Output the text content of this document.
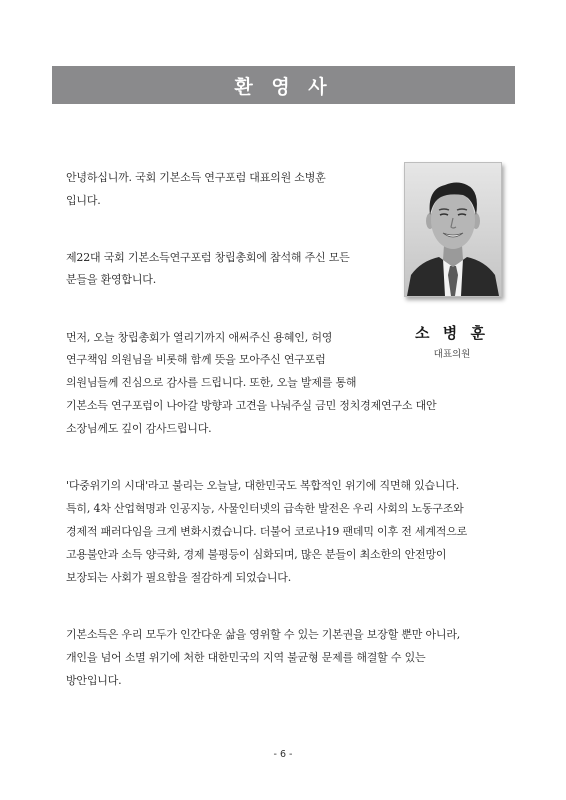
환 영 사
소 병 훈
대표의원
안녕하십니까. 국회 기본소득 연구포럼 대표의원 소병훈
입니다.
제22대 국회 기본소득연구포럼 창립총회에 참석해 주신 모든
분들을 환영합니다.
먼저, 오늘 창립총회가 열리기까지 애써주신 용혜인, 허영
연구책임 의원님을 비롯해 함께 뜻을 모아주신 연구포럼
의원님들께 진심으로 감사를 드립니다. 또한, 오늘 발제를 통해
기본소득 연구포럼이 나아갈 방향과 고견을 나눠주실 금민 정치경제연구소 대안
소장님께도 깊이 감사드립니다.
'다중위기의 시대'라고 불리는 오늘날, 대한민국도 복합적인 위기에 직면해 있습니다.
특히, 4차 산업혁명과 인공지능, 사물인터넷의 급속한 발전은 우리 사회의 노동구조와
경제적 패러다임을 크게 변화시켰습니다. 더불어 코로나19 팬데믹 이후 전 세계적으로
고용불안과 소득 양극화, 경제 불평등이 심화되며, 많은 분들이 최소한의 안전망이
보장되는 사회가 필요함을 절감하게 되었습니다.
기본소득은 우리 모두가 인간다운 삶을 영위할 수 있는 기본권을 보장할 뿐만 아니라,
개인을 넘어 소멸 위기에 처한 대한민국의 지역 불균형 문제를 해결할 수 있는
방안입니다.
- 6 -
